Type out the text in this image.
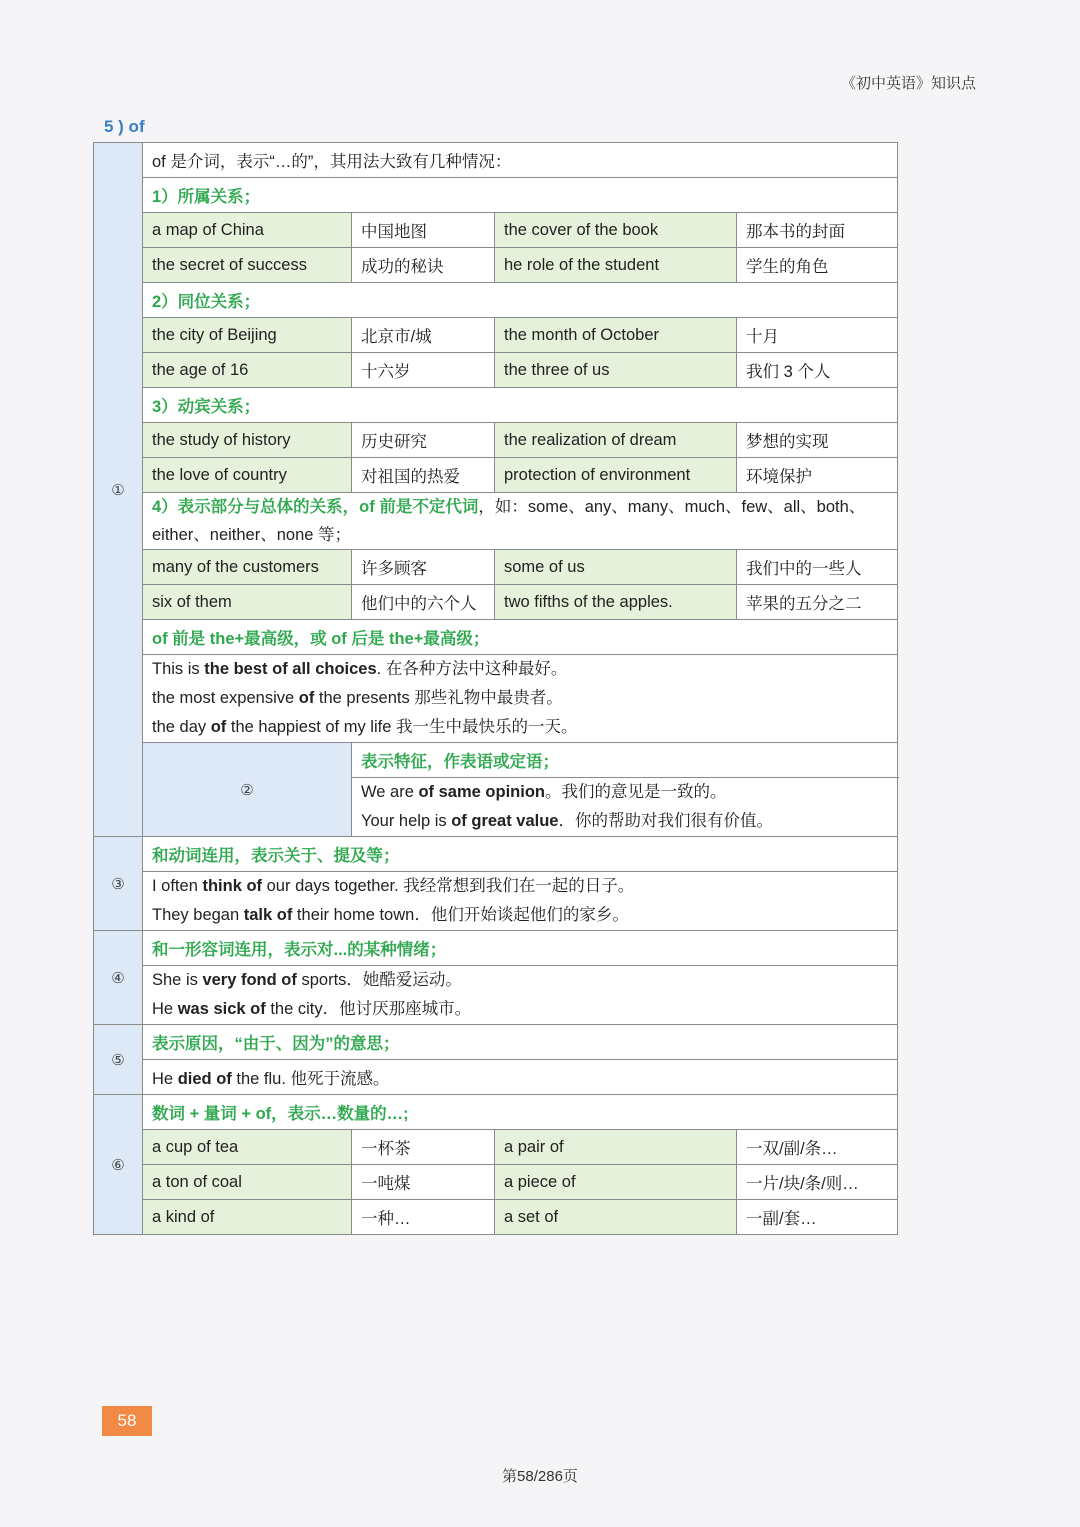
《初中英语》知识点
5 ) of
①	of 是介词，表示“…的”，其用法大致有几种情况：			
	1）所属关系；			
	a map of China	中国地图	the cover of the book	那本书的封面
	the secret of success	成功的秘诀	he role of the student	学生的角色
	2）同位关系；			
	the city of Beijing	北京市/城	the month of October	十月
	the age of 16	十六岁	the three of us	我们 3 个人
	3）动宾关系；			
	the study of history	历史研究	the realization of dream	梦想的实现
	the love of country	对祖国的热爱	protection of environment	环境保护
	4）表示部分与总体的关系，of 前是不定代词，如：some、any、many、much、few、all、both、either、neither、none 等；			
	many of the customers	许多顾客	some of us	我们中的一些人
	six of them	他们中的六个人	two fifths of the apples.	苹果的五分之二
	of 前是 the+最高级，或 of 后是 the+最高级；			

	This is the best of all choices. 在各种方法中这种最好。
the most expensive of the presents 那些礼物中最贵者。
the day of the happiest of my life 我一生中最快乐的一天。			

	②	表示特征，作表语或定语；		

		We are of same opinion。我们的意见是一致的。
Your help is of great value．你的帮助对我们很有价值。		

③	和动词连用，表示关于、提及等；			

	I often think of our days together. 我经常想到我们在一起的日子。
They began talk of their home town．他们开始谈起他们的家乡。			

④	和一形容词连用，表示对...的某种情绪；			

	She is very fond of sports．她酷爱运动。
He was sick of the city．他讨厌那座城市。			

⑤	表示原因，“由于、因为”的意思；			
	He died of the flu. 他死于流感。			
⑥	数词 + 量词 + of，表示…数量的…;			
	a cup of tea	一杯茶	a pair of	一双/副/条…
	a ton of coal	一吨煤	a piece of	一片/块/条/则…
	a kind of	一种…	a set of	一副/套…
58
第58/286页
